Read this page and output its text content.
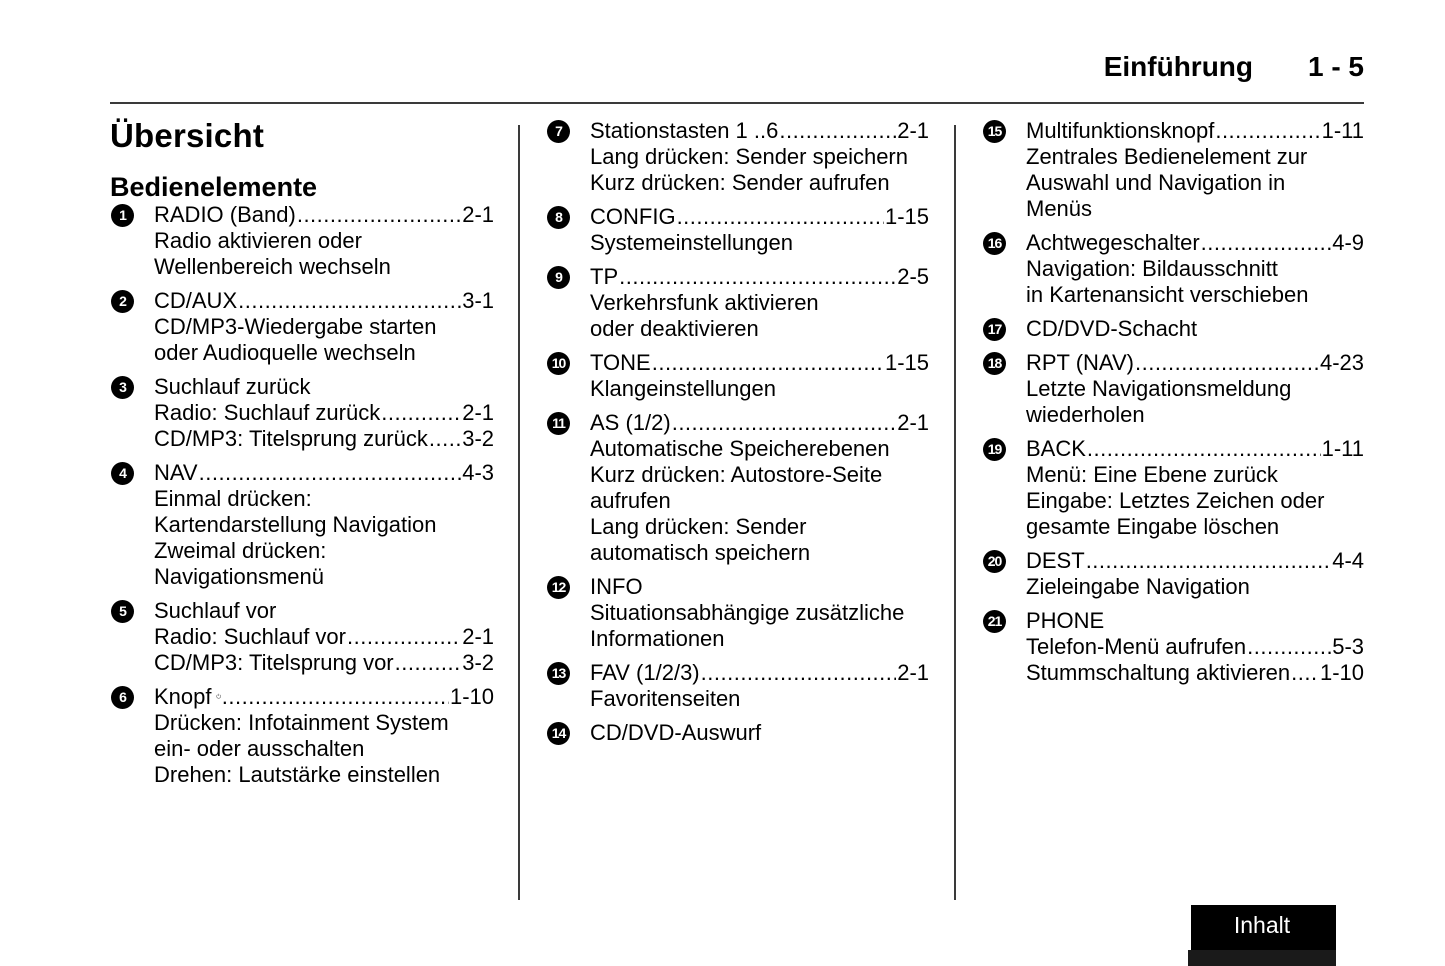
Einführung 1 - 5
Übersicht
Bedienelemente
1	RADIO (Band) .....	2-1
Radio aktivieren oder
Wellenbereich wechseln
2	CD/AUX .....	3-1
CD/MP3-Wiedergabe starten
oder Audioquelle wechseln
3	Suchlauf zurück
Radio: Suchlauf zurück .....	2-1
CD/MP3: Titelsprung zurück ..... 3-2
4	NAV .....	4-3
Einmal drücken:
Kartendarstellung Navigation
Zweimal drücken:
Navigationsmenü
5	Suchlauf vor
Radio: Suchlauf vor .....	2-1
CD/MP3: Titelsprung vor .....	3-2
6	Knopf .....	1-10
Drücken: Infotainment System
ein- oder ausschalten
Drehen: Lautstärke einstellen
7	Stationstasten 1 ..6 .....	2-1
Lang drücken: Sender speichern
Kurz drücken: Sender aufrufen
8	CONFIG .....	1-15
Systemeinstellungen
9	TP .....	2-5
Verkehrsfunk aktivieren
oder deaktivieren
10 TONE .....	1-15
Klangeinstellungen
11 AS (1/2) .....	2-1
Automatische Speicherebenen
Kurz drücken: Autostore-Seite
aufrufen
Lang drücken: Sender
automatisch speichern
12 INFO
Situationsabhängige zusätzliche
Informationen
13 FAV (1/2/3) .....	2-1
Favoritenseiten
14 CD/DVD-Auswurf
15 Multifunktionsknopf .....	1-11
Zentrales Bedienelement zur
Auswahl und Navigation in
Menüs
16 Achtwegeschalter .....	4-9
Navigation: Bildausschnitt
in Kartenansicht verschieben
17 CD/DVD-Schacht
18 RPT (NAV) .....	4-23
Letzte Navigationsmeldung
wiederholen
19 BACK .....	1-11
Menü: Eine Ebene zurück
Eingabe: Letztes Zeichen oder
gesamte Eingabe löschen
20 DEST .....	4-4
Zieleingabe Navigation
21 PHONE
Telefon-Menü aufrufen .....	5-3
Stummschaltung aktivieren ..... 1-10
Inhalt
